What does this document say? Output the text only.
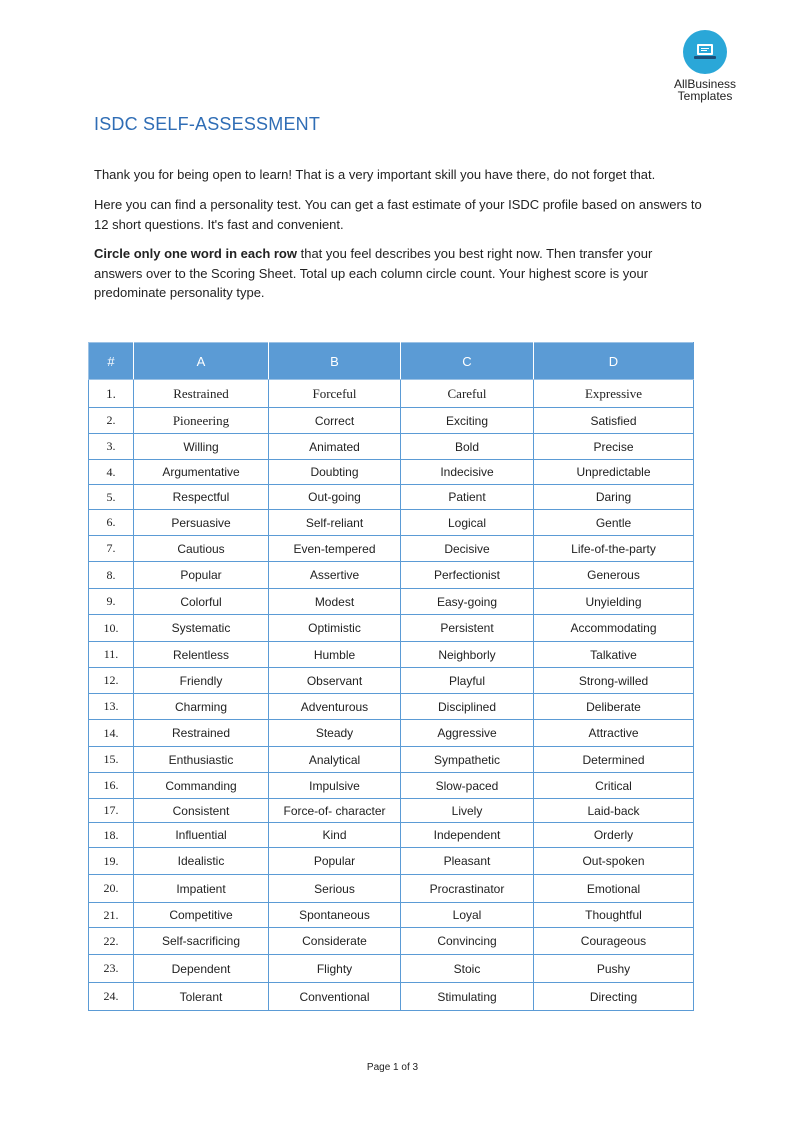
AllBusiness
Templates
ISDC SELF-ASSESSMENT
Thank you for being open to learn! That is a very important skill you have there, do not forget that.
Here you can find a personality test. You can get a fast estimate of your ISDC profile based on answers to 12 short questions. It's fast and convenient.
Circle only one word in each row that you feel describes you best right now. Then transfer your answers over to the Scoring Sheet. Total up each column circle count. Your highest score is your predominate personality type.
#	A	B	C	D
1.	Restrained	Forceful	Careful	Expressive
2.	Pioneering	Correct	Exciting	Satisfied
3.	Willing	Animated	Bold	Precise
4.	Argumentative	Doubting	Indecisive	Unpredictable
5.	Respectful	Out-going	Patient	Daring
6.	Persuasive	Self-reliant	Logical	Gentle
7.	Cautious	Even-tempered	Decisive	Life-of-the-party
8.	Popular	Assertive	Perfectionist	Generous
9.	Colorful	Modest	Easy-going	Unyielding
10.	Systematic	Optimistic	Persistent	Accommodating
11.	Relentless	Humble	Neighborly	Talkative
12.	Friendly	Observant	Playful	Strong-willed
13.	Charming	Adventurous	Disciplined	Deliberate
14.	Restrained	Steady	Aggressive	Attractive
15.	Enthusiastic	Analytical	Sympathetic	Determined
16.	Commanding	Impulsive	Slow-paced	Critical
17.	Consistent	Force-of- character	Lively	Laid-back
18.	Influential	Kind	Independent	Orderly
19.	Idealistic	Popular	Pleasant	Out-spoken
20.	Impatient	Serious	Procrastinator	Emotional
21.	Competitive	Spontaneous	Loyal	Thoughtful
22.	Self-sacrificing	Considerate	Convincing	Courageous
23.	Dependent	Flighty	Stoic	Pushy
24.	Tolerant	Conventional	Stimulating	Directing
Page 1 of 3
